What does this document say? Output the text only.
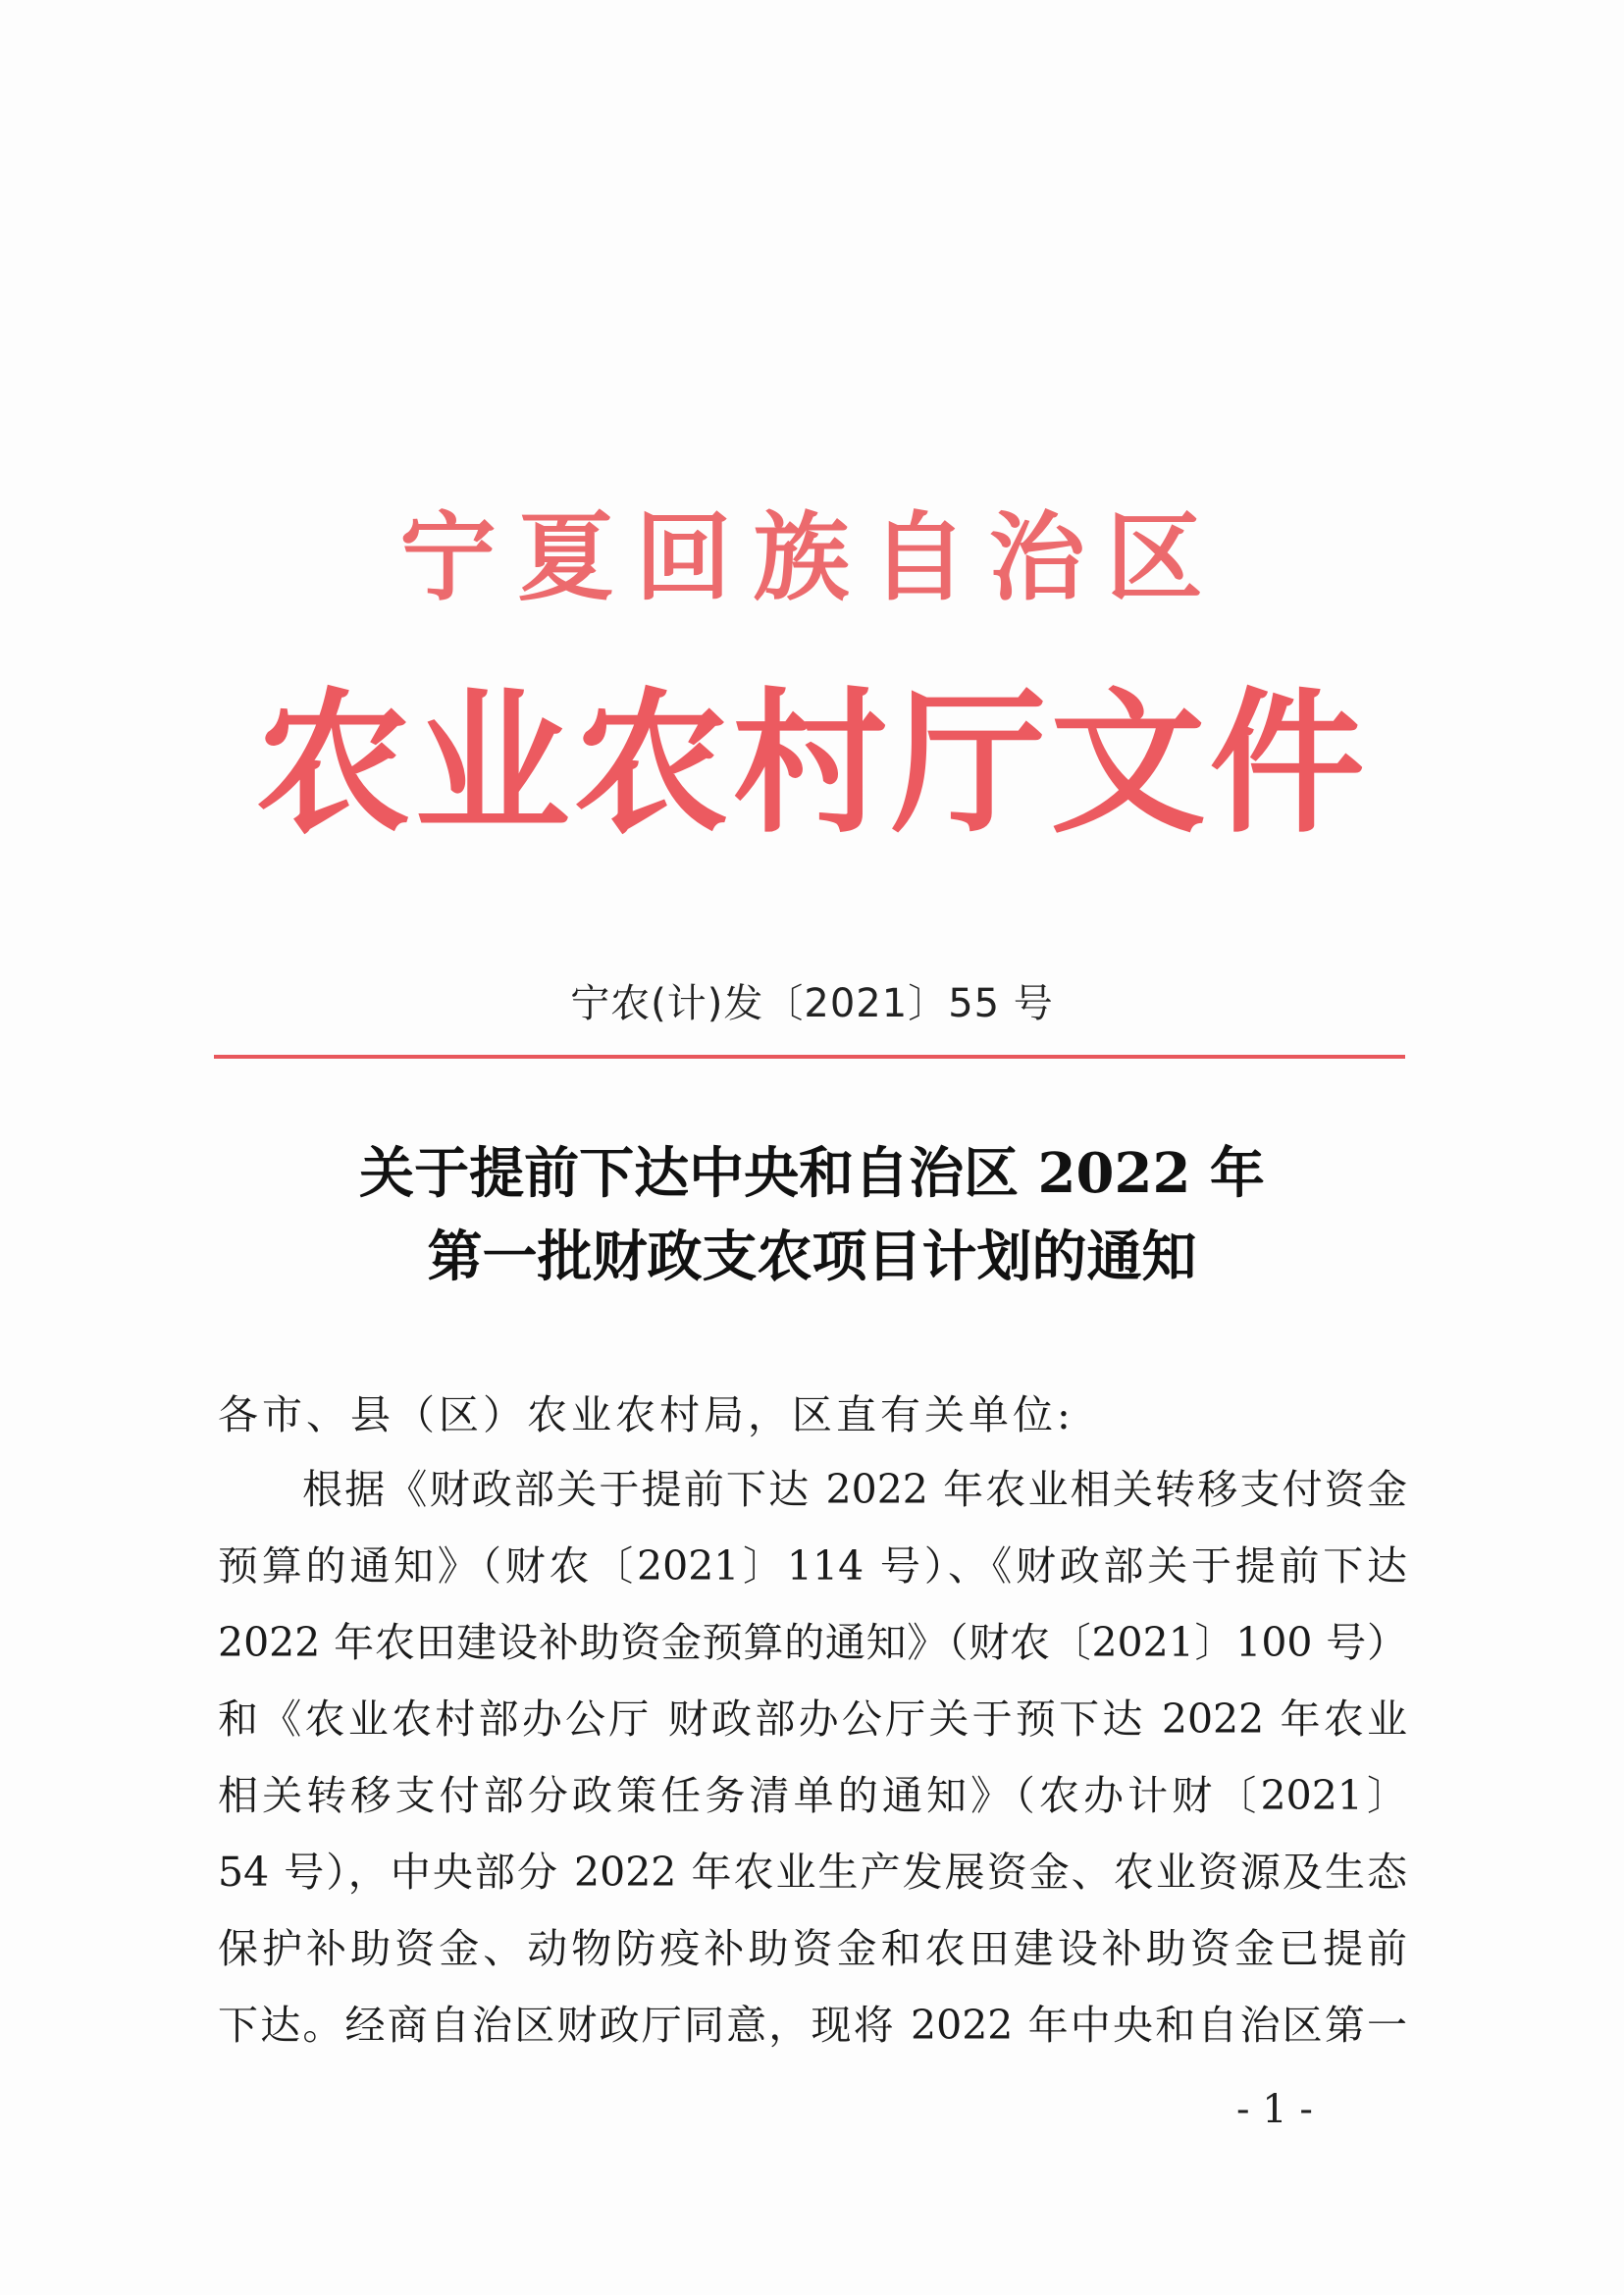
宁夏回族自治区
农业农村厅文件
宁农(计)发〔2021〕55 号
关于提前下达中央和自治区 2022 年
第一批财政支农项目计划的通知
各市、县（区）农业农村局，区直有关单位:
根据《财政部关于提前下达 2022 年农业相关转移支付资金
预算的通知》（财农〔2021〕114 号）、《财政部关于提前下达
2022 年农田建设补助资金预算的通知》（财农〔2021〕100 号）
和《农业农村部办公厅 财政部办公厅关于预下达 2022 年农业
相关转移支付部分政策任务清单的通知》（农办计财〔2021〕
54 号），中央部分 2022 年农业生产发展资金、农业资源及生态
保护补助资金、动物防疫补助资金和农田建设补助资金已提前
下达。经商自治区财政厅同意，现将 2022 年中央和自治区第一
- 1 -
